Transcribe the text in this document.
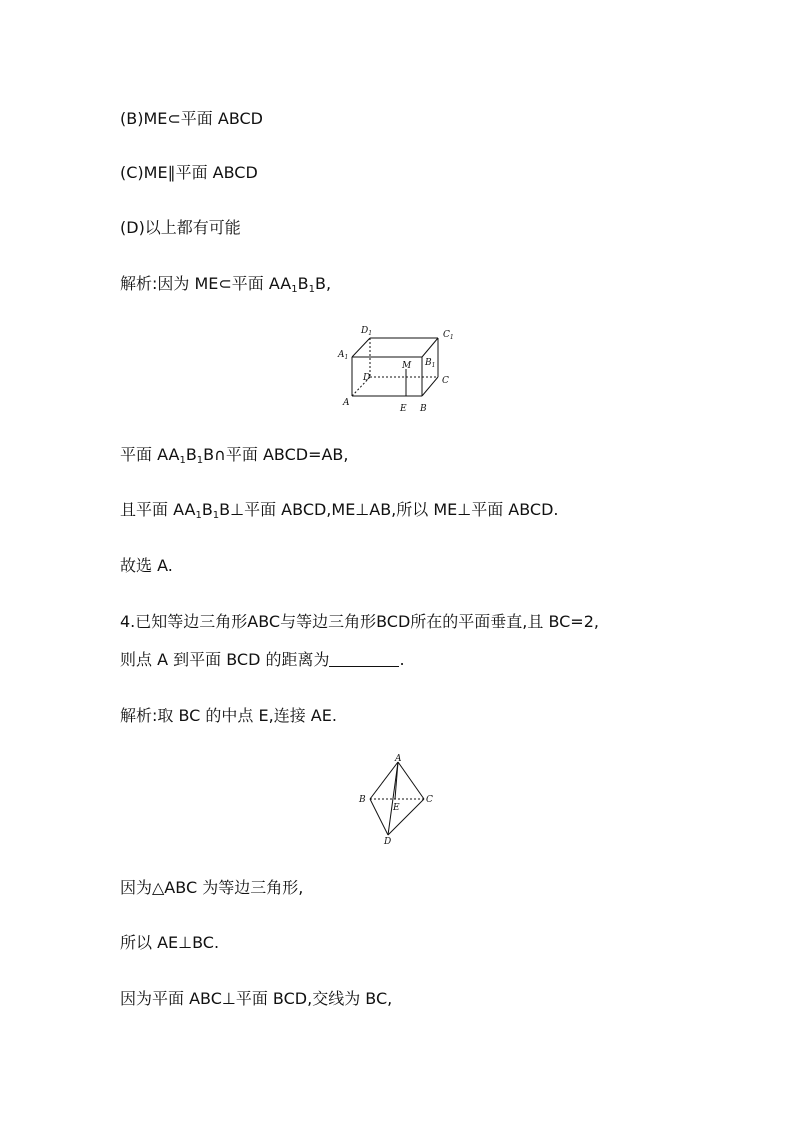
(B)ME⊂平面 ABCD
(C)ME∥平面 ABCD
(D)以上都有可能
解析:因为 ME⊂平面 $AA_1B_1B$,
$D_1$	$C_1$
$A_1$
$B_1$
M
D	C
A
E B
平面 $AA_1B_1B\cap$平面 ABCD=AB,
且平面 $AA_1B_1B\perp$平面 ABCD,ME⊥AB,所以 ME⊥平面 ABCD.
故选 A.
4.已知等边三角形ABC与等边三角形BCD所在的平面垂直,且 BC=2,
则点 A 到平面 BCD 的距离为	.
解析:取 BC 的中点 E,连接 AE.
A
B	C
E
D
因为△ABC 为等边三角形,
所以 AE⊥BC.
因为平面 ABC⊥平面 BCD,交线为 BC,
